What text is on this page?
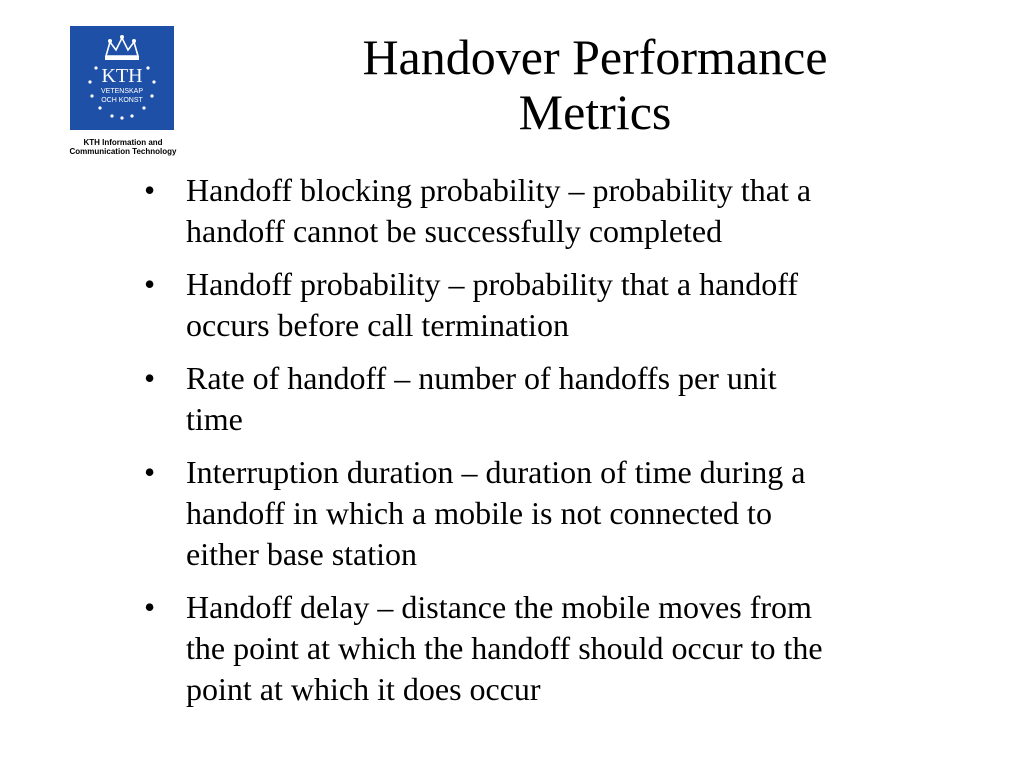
KTH
VETENSKAP
OCH KONST
KTH Information and
Communication Technology
Handover Performance
Metrics
• Handoff blocking probability – probability that a
handoff cannot be successfully completed
• Handoff probability – probability that a handoff
occurs before call termination
• Rate of handoff – number of handoffs per unit
time
• Interruption duration – duration of time during a
handoff in which a mobile is not connected to
either base station
• Handoff delay – distance the mobile moves from
the point at which the handoff should occur to the
point at which it does occur
